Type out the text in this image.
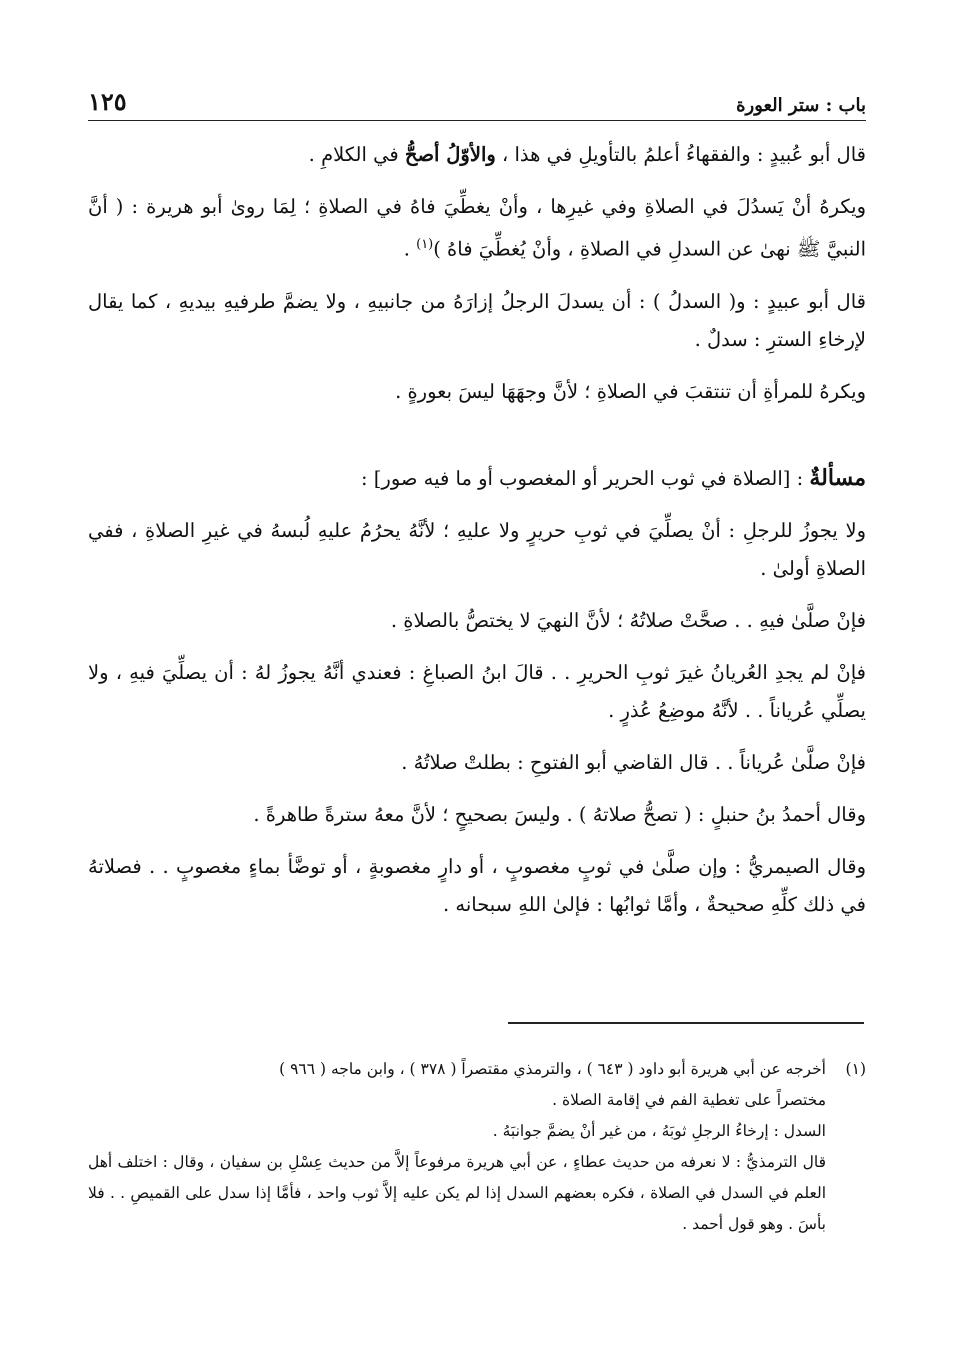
باب : ستر العورة
١٢٥

قال أبو عُبيدٍ : والفقهاءُ أعلمُ بالتأويلِ في هذا ، والأوّلُ أصحُّ في الكلامِ .

ويكرهُ أنْ يَسدُلَ في الصلاةِ وفي غيرِها ، وأنْ يغطِّيَ فاهُ في الصلاةِ ؛ لِمَا روىٰ أبو هريرة : ( أنَّ النبيَّ ﷺ نهىٰ عن السدلِ في الصلاةِ ، وأنْ يُغطِّيَ فاهُ )$^{(١)}$ .

قال أبو عبيدٍ : و( السدلُ ) : أن يسدلَ الرجلُ إزارَهُ من جانبيهِ ، ولا يضمَّ طرفيهِ بيديهِ ، كما يقال لإرخاءِ السترِ : سدلٌ .

ويكرهُ للمرأةِ أن تنتقبَ في الصلاةِ ؛ لأنَّ وجهَهَا ليسَ بعورةٍ .

مسألةٌ : [الصلاة في ثوب الحرير أو المغصوب أو ما فيه صور] :

ولا يجوزُ للرجلِ : أنْ يصلِّيَ في ثوبِ حريرٍ ولا عليهِ ؛ لأنَّهُ يحرُمُ عليهِ لُبسهُ في غيرِ الصلاةِ ، ففي الصلاةِ أولىٰ .

فإنْ صلَّىٰ فيهِ . . صحَّتْ صلاتُهُ ؛ لأنَّ النهيَ لا يختصُّ بالصلاةِ .

فإنْ لم يجدِ العُريانُ غيرَ ثوبِ الحريرِ . . قالَ ابنُ الصباغِ : فعندي أنَّهُ يجوزُ لهُ : أن يصلِّيَ فيهِ ، ولا يصلِّي عُرياناً . . لأنَّهُ موضِعُ عُذرٍ .

فإنْ صلَّىٰ عُرياناً . . قال القاضي أبو الفتوحِ : بطلتْ صلاتُهُ .

وقال أحمدُ بنُ حنبلٍ : ( تصحُّ صلاتهُ ) . وليسَ بصحيحٍ ؛ لأنَّ معهُ سترةً طاهرةً .

وقال الصيمريُّ : وإن صلَّىٰ في ثوبٍ مغصوبٍ ، أو دارٍ مغصوبةٍ ، أو توضَّأ بماءٍ مغصوبٍ . . فصلاتهُ في ذلك كلِّهِ صحيحةٌ ، وأمَّا ثوابُها : فإلىٰ اللهِ سبحانه .

(١)أخرجه عن أبي هريرة أبو داود ( ٦٤٣ ) ، والترمذي مقتصراً ( ٣٧٨ ) ، وابن ماجه ( ٩٦٦ )

مختصراً على تغطية الفم في إقامة الصلاة .

السدل : إرخاءُ الرجلِ ثوبَهُ ، من غير أنْ يضمَّ جوانبَهُ .

قال الترمذيُّ : لا نعرفه من حديث عطاءٍ ، عن أبي هريرة مرفوعاً إلاَّ من حديث عِسْلِ بن سفيان ، وقال : اختلف أهل العلم في السدل في الصلاة ، فكره بعضهم السدل إذا لم يكن عليه إلاَّ ثوب واحد ، فأمَّا إذا سدل على القميصِ . . فلا بأسَ . وهو قول أحمد .
